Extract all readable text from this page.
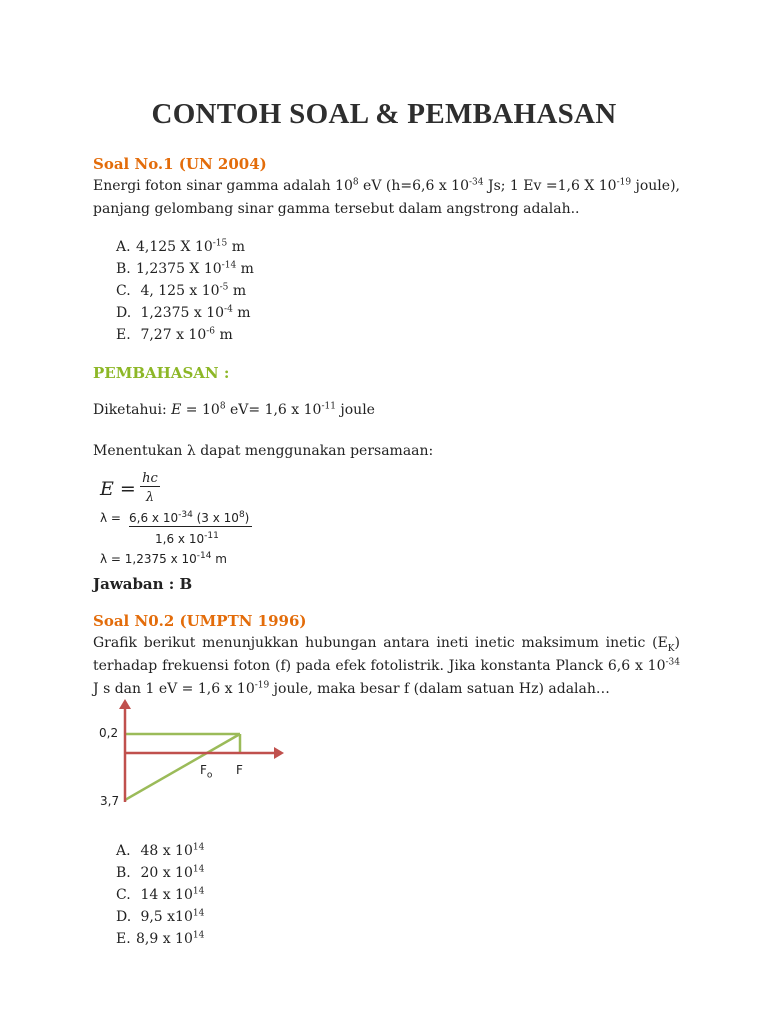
CONTOH SOAL & PEMBAHASAN
Soal No.1 (UN 2004)
Energi foton sinar gamma adalah $10^8$ eV (h=6,6 x $10^{-34}$ Js; 1 Ev =1,6 X $10^{-19}$ joule), panjang gelombang sinar gamma tersebut dalam angstrong adalah..
A. 4,125 X $10^{-15}$ m
B. 1,2375 X $10^{-14}$ m
C. 4, 125 x $10^{-5}$ m
D. 1,2375 x $10^{-4}$ m
E. 7,27 x $10^{-6}$ m
PEMBAHASAN :
Diketahui: $E = 10^8$ eV= 1,6 x $10^{-11}$ joule
Menentukan λ dapat menggunakan persamaan:
E = hc
λ
λ = 6,6 x $10^{-34}$ (3 x $10^8$)
1,6 x $10^{-11}$
λ = 1,2375 x $10^{-14}$ m
Jawaban : B
Soal N0.2 (UMPTN 1996)
Grafik berikut menunjukkan hubungan antara ineti inetic maksimum inetic $(E_K)$ terhadap frekuensi foton (f) pada efek fotolistrik. Jika konstanta Planck 6,6 x $10^{-34}$ J s dan 1 eV = 1,6 x $10^{-19}$ joule, maka besar f (dalam satuan Hz) adalah…
0,2
3,7
$F_o$ F
A. 48 x $10^{14}$
B. 20 x $10^{14}$
C. 14 x $10^{14}$
D. 9,5 $x10^{14}$
E. 8,9 x $10^{14}$
